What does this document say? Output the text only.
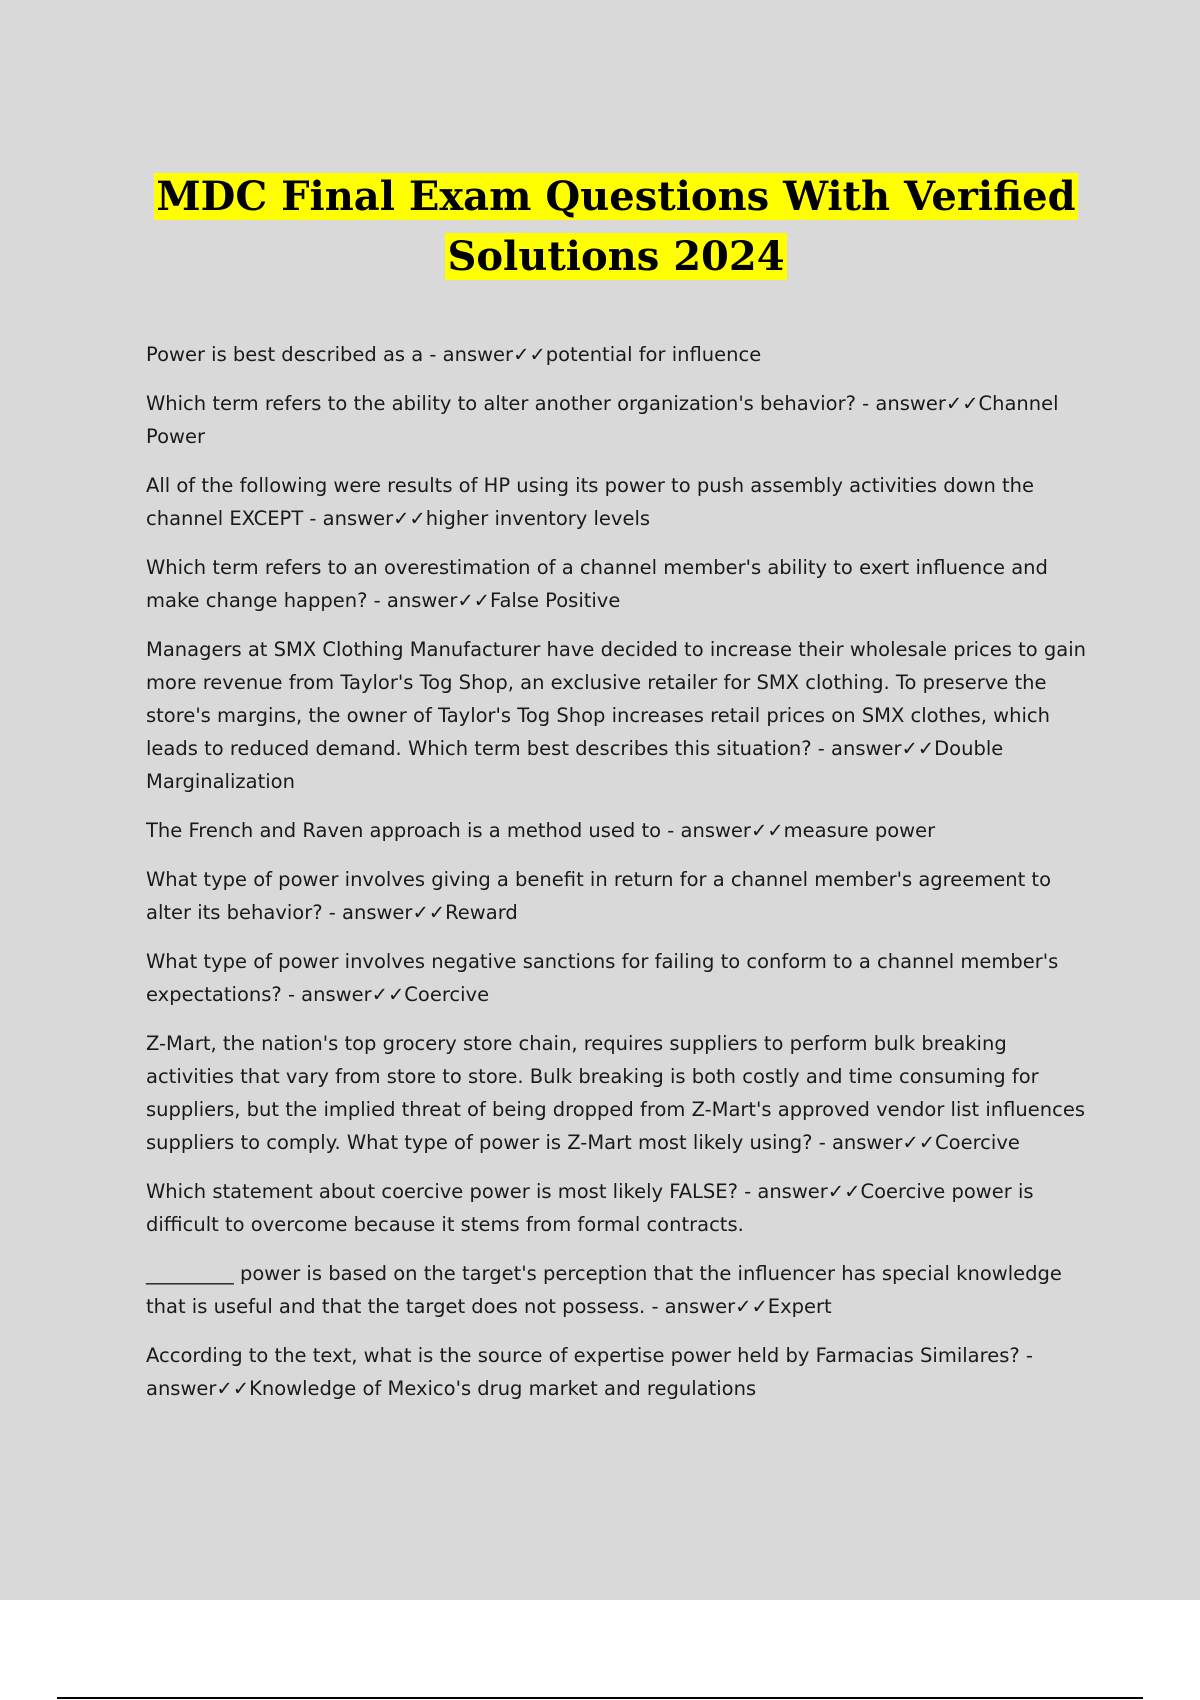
MDC Final Exam Questions With Verified
Solutions 2024

Power is best described as a - answer✓✓potential for influence

Which term refers to the ability to alter another organization's behavior? - answer✓✓Channel Power

All of the following were results of HP using its power to push assembly activities down the channel EXCEPT - answer✓✓higher inventory levels

Which term refers to an overestimation of a channel member's ability to exert influence and make change happen? - answer✓✓False Positive

Managers at SMX Clothing Manufacturer have decided to increase their wholesale prices to gain more revenue from Taylor's Tog Shop, an exclusive retailer for SMX clothing. To preserve the store's margins, the owner of Taylor's Tog Shop increases retail prices on SMX clothes, which leads to reduced demand. Which term best describes this situation? - answer✓✓Double Marginalization

The French and Raven approach is a method used to - answer✓✓measure power

What type of power involves giving a benefit in return for a channel member's agreement to alter its behavior? - answer✓✓Reward

What type of power involves negative sanctions for failing to conform to a channel member's expectations? - answer✓✓Coercive

Z-Mart, the nation's top grocery store chain, requires suppliers to perform bulk breaking activities that vary from store to store. Bulk breaking is both costly and time consuming for suppliers, but the implied threat of being dropped from Z-Mart's approved vendor list influences suppliers to comply. What type of power is Z-Mart most likely using? - answer✓✓Coercive

Which statement about coercive power is most likely FALSE? - answer✓✓Coercive power is difficult to overcome because it stems from formal contracts.

_________ power is based on the target's perception that the influencer has special knowledge that is useful and that the target does not possess. - answer✓✓Expert

According to the text, what is the source of expertise power held by Farmacias Similares? - answer✓✓Knowledge of Mexico's drug market and regulations
